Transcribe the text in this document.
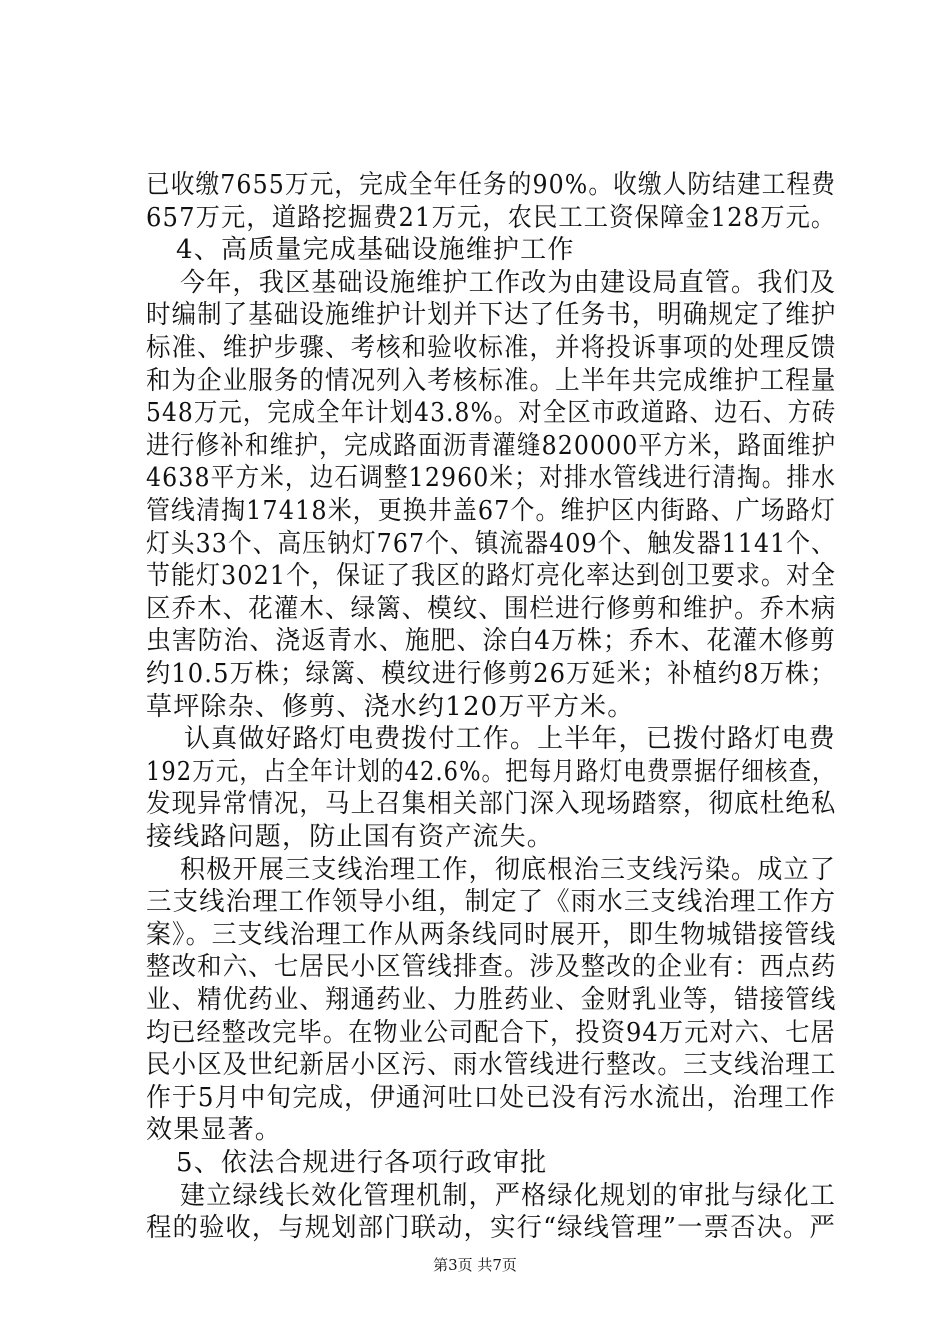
已收缴7655万元，完成全年任务的90%。收缴人防结建工程费
657万元，道路挖掘费21万元，农民工工资保障金128万元。
4、高质量完成基础设施维护工作
今年，我区基础设施维护工作改为由建设局直管。我们及
时编制了基础设施维护计划并下达了任务书，明确规定了维护
标准、维护步骤、考核和验收标准，并将投诉事项的处理反馈
和为企业服务的情况列入考核标准。上半年共完成维护工程量
548万元，完成全年计划43.8%。对全区市政道路、边石、方砖
进行修补和维护，完成路面沥青灌缝820000平方米，路面维护
4638平方米，边石调整12960米；对排水管线进行清掏。排水
管线清掏17418米，更换井盖67个。维护区内街路、广场路灯
灯头33个、高压钠灯767个、镇流器409个、触发器1141个、
节能灯3021个，保证了我区的路灯亮化率达到创卫要求。对全
区乔木、花灌木、绿篱、模纹、围栏进行修剪和维护。乔木病
虫害防治、浇返青水、施肥、涂白4万株；乔木、花灌木修剪
约10.5万株；绿篱、模纹进行修剪26万延米；补植约8万株；
草坪除杂、修剪、浇水约120万平方米。
认真做好路灯电费拨付工作。上半年，已拨付路灯电费
192万元，占全年计划的42.6%。把每月路灯电费票据仔细核查，
发现异常情况，马上召集相关部门深入现场踏察，彻底杜绝私
接线路问题，防止国有资产流失。
积极开展三支线治理工作，彻底根治三支线污染。成立了
三支线治理工作领导小组，制定了《雨水三支线治理工作方
案》。三支线治理工作从两条线同时展开，即生物城错接管线
整改和六、七居民小区管线排查。涉及整改的企业有：西点药
业、精优药业、翔通药业、力胜药业、金财乳业等，错接管线
均已经整改完毕。在物业公司配合下，投资94万元对六、七居
民小区及世纪新居小区污、雨水管线进行整改。三支线治理工
作于5月中旬完成，伊通河吐口处已没有污水流出，治理工作
效果显著。
5、依法合规进行各项行政审批
建立绿线长效化管理机制，严格绿化规划的审批与绿化工
程的验收，与规划部门联动，实行“绿线管理”一票否决。严
第3页 共7页
